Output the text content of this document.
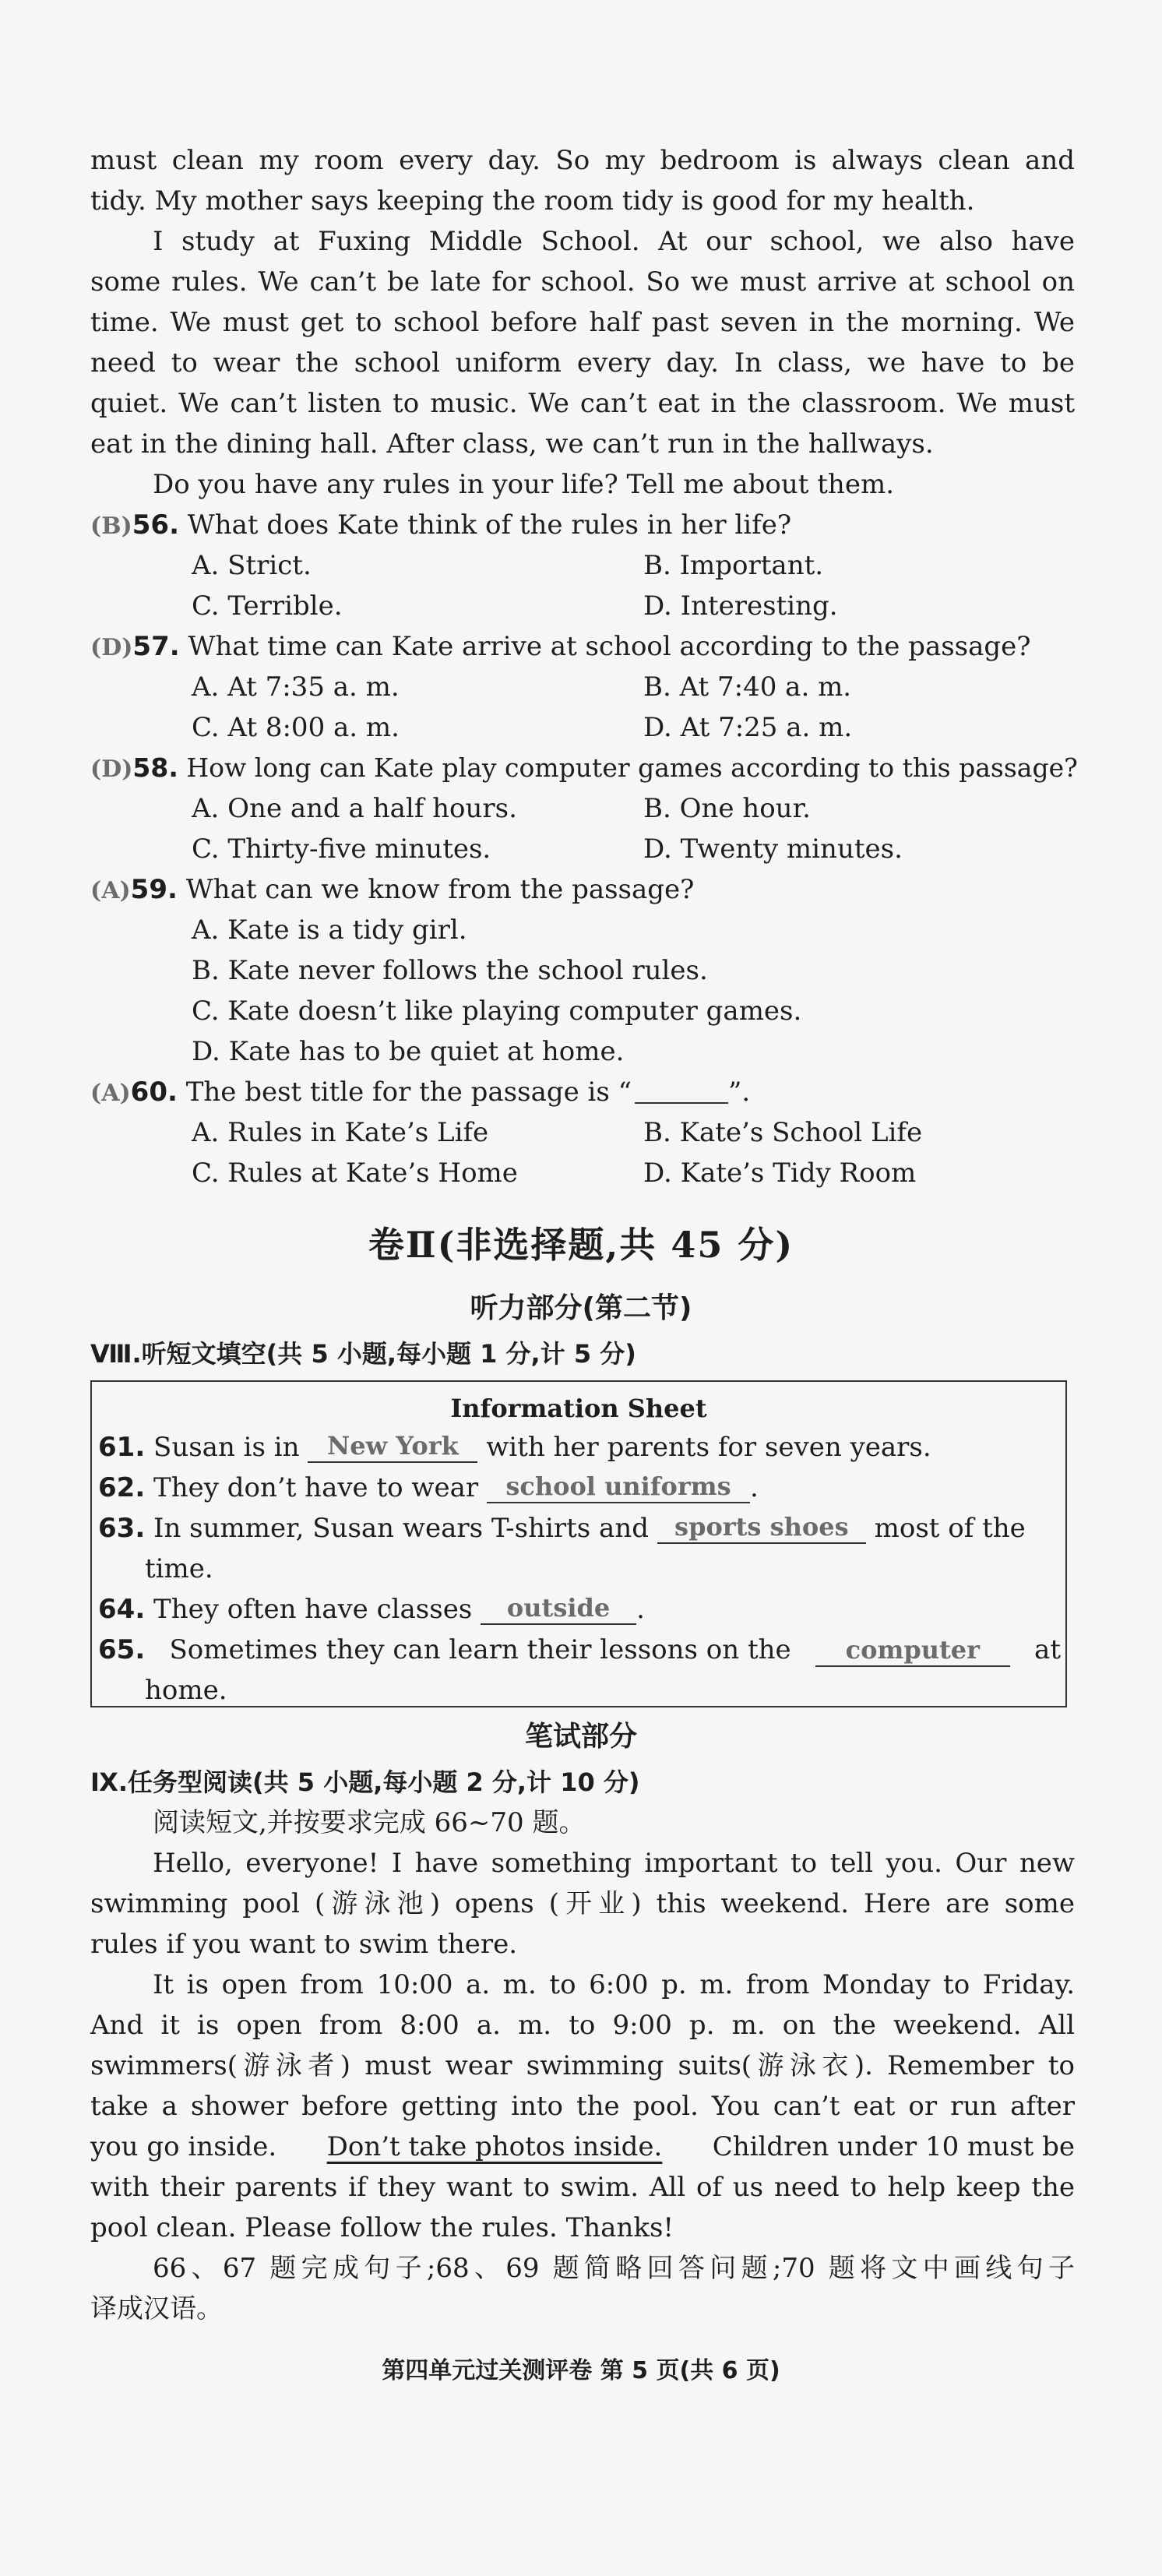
must clean my room every day. So my bedroom is always clean and

tidy. My mother says keeping the room tidy is good for my health.

I study at Fuxing Middle School. At our school, we also have

some rules. We can’t be late for school. So we must arrive at school on

time. We must get to school before half past seven in the morning. We

need to wear the school uniform every day. In class, we have to be

quiet. We can’t listen to music. We can’t eat in the classroom. We must

eat in the dining hall. After class, we can’t run in the hallways.

Do you have any rules in your life? Tell me about them.

(B)56. What does Kate think of the rules in her life?

A. Strict.	B. Important.
C. Terrible.	D. Interesting.

(D)57. What time can Kate arrive at school according to the passage?

A. At 7:35 a. m.	B. At 7:40 a. m.
C. At 8:00 a. m.	D. At 7:25 a. m.

(D)58. How long can Kate play computer games according to this passage?

A. One and a half hours.	B. One hour.
C. Thirty-five minutes.	D. Twenty minutes.

(A)59. What can we know from the passage?

A. Kate is a tidy girl.
B. Kate never follows the school rules.
C. Kate doesn’t like playing computer games.
D. Kate has to be quiet at home.

(A)60. The best title for the passage is “	”.

A. Rules in Kate’s Life	B. Kate’s School Life
C. Rules at Kate’s Home	D. Kate’s Tidy Room
卷Ⅱ(非选择题,共 45 分)
听力部分(第二节)

Ⅷ.听短文填空(共 5 小题,每小题 1 分,计 5 分)

Information Sheet
61. Susan is in New York with her parents for seven years.
62. They don’t have to wear school uniforms .
63. In summer, Susan wears T-shirts and sports shoes most of the
time.
64. They often have classes outside .
65. Sometimes they can learn their lessons on the	computer	at
home.
笔试部分

Ⅸ.任务型阅读(共 5 小题,每小题 2 分,计 10 分)

阅读短文,并按要求完成 66~70 题。

Hello, everyone! I have something important to tell you. Our new

swimming pool (游泳池) opens (开业) this weekend. Here are some

rules if you want to swim there.

It is open from 10:00 a. m. to 6:00 p. m. from Monday to Friday.

And it is open from 8:00 a. m. to 9:00 p. m. on the weekend. All

swimmers(游泳者) must wear swimming suits(游泳衣). Remember to

take a shower before getting into the pool. You can’t eat or run after

you go inside. Don’t take photos inside. Children under 10 must be

with their parents if they want to swim. All of us need to help keep the

pool clean. Please follow the rules. Thanks!

66、67 题完成句子;68、69 题简略回答问题;70 题将文中画线句子

译成汉语。

第四单元过关测评卷 第 5 页(共 6 页)
